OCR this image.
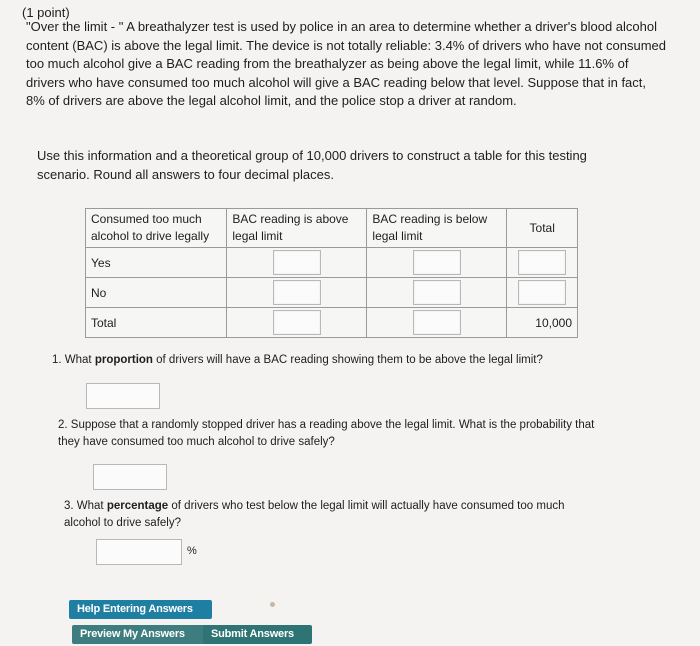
(1 point)
"Over the limit - " A breathalyzer test is used by police in an area to determine whether a driver's blood alcohol content (BAC) is above the legal limit. The device is not totally reliable: 3.4% of drivers who have not consumed too much alcohol give a BAC reading from the breathalyzer as being above the legal limit, while 11.6% of drivers who have consumed too much alcohol will give a BAC reading below that level. Suppose that in fact, 8% of drivers are above the legal alcohol limit, and the police stop a driver at random.
Use this information and a theoretical group of 10,000 drivers to construct a table for this testing scenario. Round all answers to four decimal places.
Consumed too much alcohol to drive legally	BAC reading is above legal limit	BAC reading is below legal limit	Total
Yes			
No			
Total			10,000
1. What proportion of drivers will have a BAC reading showing them to be above the legal limit?
2. Suppose that a randomly stopped driver has a reading above the legal limit. What is the probability that they have consumed too much alcohol to drive safely?
3. What percentage of drivers who test below the legal limit will actually have consumed too much alcohol to drive safely?
%
Help Entering Answers
Preview My Answers	Submit Answers
